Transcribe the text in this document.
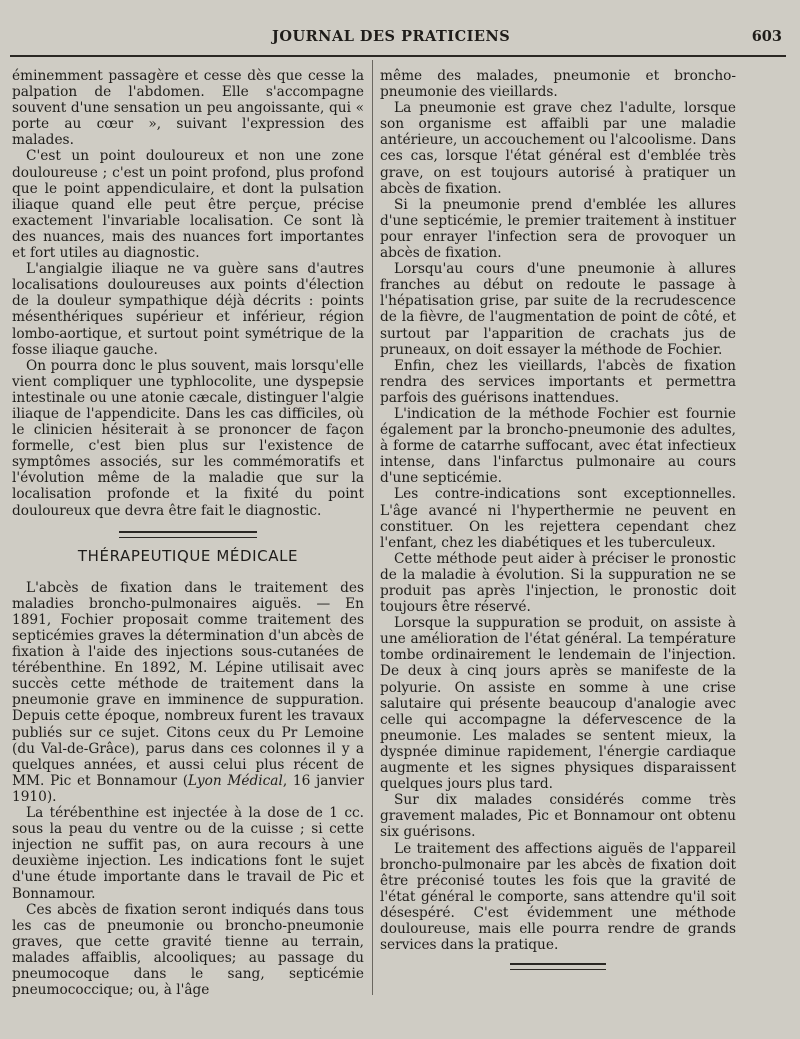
JOURNAL DES PRATICIENS	603

éminemment passagère et cesse dès que cesse la palpation de l'abdomen. Elle s'accompagne souvent d'une sensation un peu angoissante, qui « porte au cœur », suivant l'expression des malades.

C'est un point douloureux et non une zone douloureuse ; c'est un point profond, plus profond que le point appendiculaire, et dont la pulsation iliaque quand elle peut être perçue, précise exactement l'invariable localisation. Ce sont là des nuances, mais des nuances fort importantes et fort utiles au diagnostic.

L'angialgie iliaque ne va guère sans d'autres localisations douloureuses aux points d'élection de la douleur sympathique déjà décrits : points mésenthériques supérieur et inférieur, région lombo-aortique, et surtout point symétrique de la fosse iliaque gauche.

On pourra donc le plus souvent, mais lorsqu'elle vient compliquer une typhlocolite, une dyspepsie intestinale ou une atonie cæcale, distinguer l'algie iliaque de l'appendicite. Dans les cas difficiles, où le clinicien hésiterait à se prononcer de façon formelle, c'est bien plus sur l'existence de symptômes associés, sur les commémoratifs et l'évolution même de la maladie que sur la localisation profonde et la fixité du point douloureux que devra être fait le diagnostic.

THÉRAPEUTIQUE MÉDICALE

L'abcès de fixation dans le traitement des maladies broncho-pulmonaires aiguës. — En 1891, Fochier proposait comme traitement des septicémies graves la détermination d'un abcès de fixation à l'aide des injections sous-cutanées de térébenthine. En 1892, M. Lépine utilisait avec succès cette méthode de traitement dans la pneumonie grave en imminence de suppuration. Depuis cette époque, nombreux furent les travaux publiés sur ce sujet. Citons ceux du Pr Lemoine (du Val-de-Grâce), parus dans ces colonnes il y a quelques années, et aussi celui plus récent de MM. Pic et Bonnamour (Lyon Médical, 16 janvier 1910).

La térébenthine est injectée à la dose de 1 cc. sous la peau du ventre ou de la cuisse ; si cette injection ne suffit pas, on aura recours à une deuxième injection. Les indications font le sujet d'une étude importante dans le travail de Pic et Bonnamour.

Ces abcès de fixation seront indiqués dans tous les cas de pneumonie ou broncho-pneumonie graves, que cette gravité tienne au terrain, malades affaiblis, alcooliques; au passage du pneumocoque dans le sang, septicémie pneumococcique; ou, à l'âge

même des malades, pneumonie et broncho-pneumonie des vieillards.

La pneumonie est grave chez l'adulte, lorsque son organisme est affaibli par une maladie antérieure, un accouchement ou l'alcoolisme. Dans ces cas, lorsque l'état général est d'emblée très grave, on est toujours autorisé à pratiquer un abcès de fixation.

Si la pneumonie prend d'emblée les allures d'une septicémie, le premier traitement à instituer pour enrayer l'infection sera de provoquer un abcès de fixation.

Lorsqu'au cours d'une pneumonie à allures franches au début on redoute le passage à l'hépatisation grise, par suite de la recrudescence de la fièvre, de l'augmentation de point de côté, et surtout par l'apparition de crachats jus de pruneaux, on doit essayer la méthode de Fochier.

Enfin, chez les vieillards, l'abcès de fixation rendra des services importants et permettra parfois des guérisons inattendues.

L'indication de la méthode Fochier est fournie également par la broncho-pneumonie des adultes, à forme de catarrhe suffocant, avec état infectieux intense, dans l'infarctus pulmonaire au cours d'une septicémie.

Les contre-indications sont exceptionnelles. L'âge avancé ni l'hyperthermie ne peuvent en constituer. On les rejettera cependant chez l'enfant, chez les diabétiques et les tuberculeux.

Cette méthode peut aider à préciser le pronostic de la maladie à évolution. Si la suppuration ne se produit pas après l'injection, le pronostic doit toujours être réservé.

Lorsque la suppuration se produit, on assiste à une amélioration de l'état général. La température tombe ordinairement le lendemain de l'injection. De deux à cinq jours après se manifeste de la polyurie. On assiste en somme à une crise salutaire qui présente beaucoup d'analogie avec celle qui accompagne la défervescence de la pneumonie. Les malades se sentent mieux, la dyspnée diminue rapidement, l'énergie cardiaque augmente et les signes physiques disparaissent quelques jours plus tard.

Sur dix malades considérés comme très gravement malades, Pic et Bonnamour ont obtenu six guérisons.

Le traitement des affections aiguës de l'appareil broncho-pulmonaire par les abcès de fixation doit être préconisé toutes les fois que la gravité de l'état général le comporte, sans attendre qu'il soit désespéré. C'est évidemment une méthode douloureuse, mais elle pourra rendre de grands services dans la pratique.
